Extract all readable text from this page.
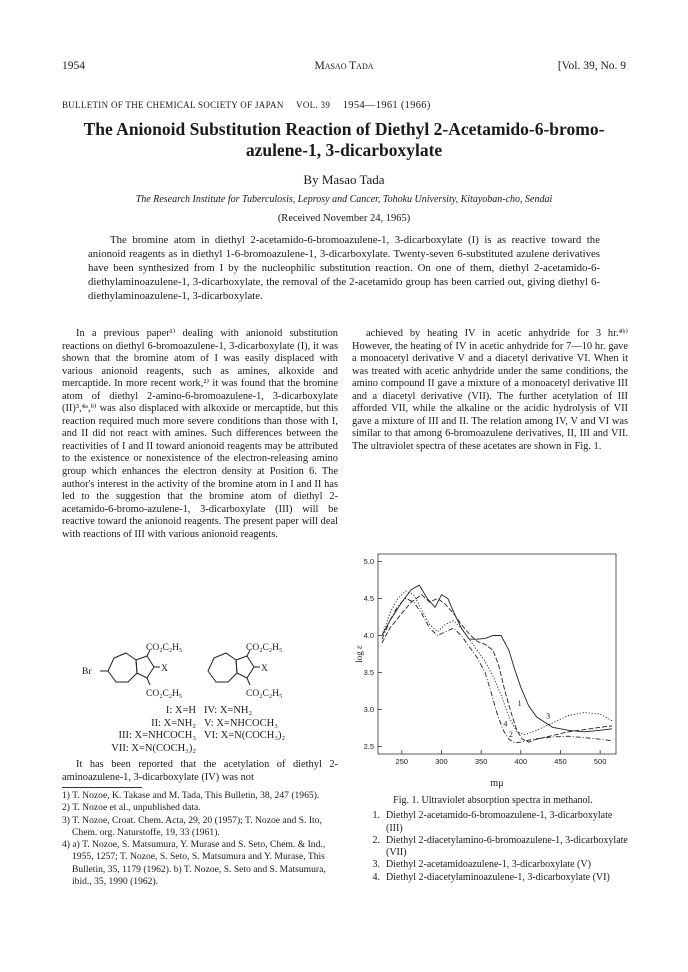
1954	Masao Tada	[Vol. 39, No. 9
BULLETIN OF THE CHEMICAL SOCIETY OF JAPAN VOL. 39 1954—1961 (1966)
The Anionoid Substitution Reaction of Diethyl 2-Acetamido-6-bromo-azulene-1, 3-dicarboxylate
By Masao Tada
The Research Institute for Tuberculosis, Leprosy and Cancer, Tohoku University, Kitayoban-cho, Sendai
(Received November 24, 1965)

The bromine atom in diethyl 2-acetamido-6-bromoazulene-1, 3-dicarboxylate (I) is as reactive toward the anionoid reagents as in diethyl 1-6-bromoazulene-1, 3-dicarboxylate. Twenty-seven 6-substituted azulene derivatives have been synthesized from I by the nucleophilic substitution reaction. On one of them, diethyl 2-acetamido-6-diethylaminoazulene-1, 3-dicarboxylate, the removal of the 2-acetamido group has been carried out, giving diethyl 6-diethylaminoazulene-1, 3-dicarboxylate.

In a previous paper¹⁾ dealing with anionoid substitution reactions on diethyl 6-bromoazulene-1, 3-dicarboxylate (I), it was shown that the bromine atom of I was easily displaced with various anionoid reagents, such as amines, alkoxide and mercaptide. In more recent work,²⁾ it was found that the bromine atom of diethyl 2-amino-6-bromoazulene-1, 3-dicarboxylate (II)³,⁴ᵃ,ᵇ⁾ was also displaced with alkoxide or mercaptide, but this reaction required much more severe conditions than those with I, and II did not react with amines. Such differences between the reactivities of I and II toward anionoid reagents may be attributed to the existence or nonexistence of the electron-releasing amino group which enhances the electron density at Position 6. The author's interest in the activity of the bromine atom in I and II has led to the suggestion that the bromine atom of diethyl 2-acetamido-6-bromo-azulene-1, 3-dicarboxylate (III) will be reactive toward the anionoid reagents. The present paper will deal with reactions of III with various anionoid reagents.

CO₂C₂H₅
CO₂C₂H₅
Br	X
CO₂C₂H₅
CO₂C₂H₅
X
I: X=H IV: X=NH₂
II: X=NH₂ V: X=NHCOCH₃
III: X=NHCOCH₃ VI: X=N(COCH₃)₂
VII: X=N(COCH₃)₂

It has been reported that the acetylation of diethyl 2-aminoazulene-1, 3-dicarboxylate (IV) was not

1) T. Nozoe, K. Takase and M. Tada, This Bulletin, 38, 247 (1965).
2) T. Nozoe et al., unpublished data.
3) T. Nozoe, Croat. Chem. Acta, 29, 20 (1957); T. Nozoe and S. Ito, Chem. org. Naturstoffe, 19, 33 (1961).
4) a) T. Nozoe, S. Matsumura, Y. Murase and S. Seto, Chem. & Ind., 1955, 1257; T. Nozoe, S. Seto, S. Matsumura and Y. Murase, This Bulletin, 35, 1179 (1962). b) T. Nozoe, S. Seto and S. Matsumura, ibid., 35, 1990 (1962).

achieved by heating IV in acetic anhydride for 3 hr.⁴ᵇ⁾ However, the heating of IV in acetic anhydride for 7—10 hr. gave a monoacetyl derivative V and a diacetyl derivative VI. When it was treated with acetic anhydride under the same conditions, the amino compound II gave a mixture of a monoacetyl derivative III and a diacetyl derivative (VII). The further acetylation of III afforded VII, while the alkaline or the acidic hydrolysis of VII gave a mixture of III and II. The relation among IV, V and VI was similar to that among 6-bromoazulene derivatives, II, III and VII. The ultraviolet spectra of these acetates are shown in Fig. 1.

2.5
3.0
3.5
4.0
4.5
5.0
250	300	350	400	450	500
log ε
mμ
1
2
3
4
Fig. 1. Ultraviolet absorption spectra in methanol.
1. Diethyl 2-acetamido-6-bromoazulene-1, 3-dicarboxylate (III)
2. Diethyl 2-diacetylamino-6-bromoazulene-1, 3-dicarboxylate (VII)
3. Diethyl 2-acetamidoazulene-1, 3-dicarboxylate (V)
4. Diethyl 2-diacetylaminoazulene-1, 3-dicarboxylate (VI)
